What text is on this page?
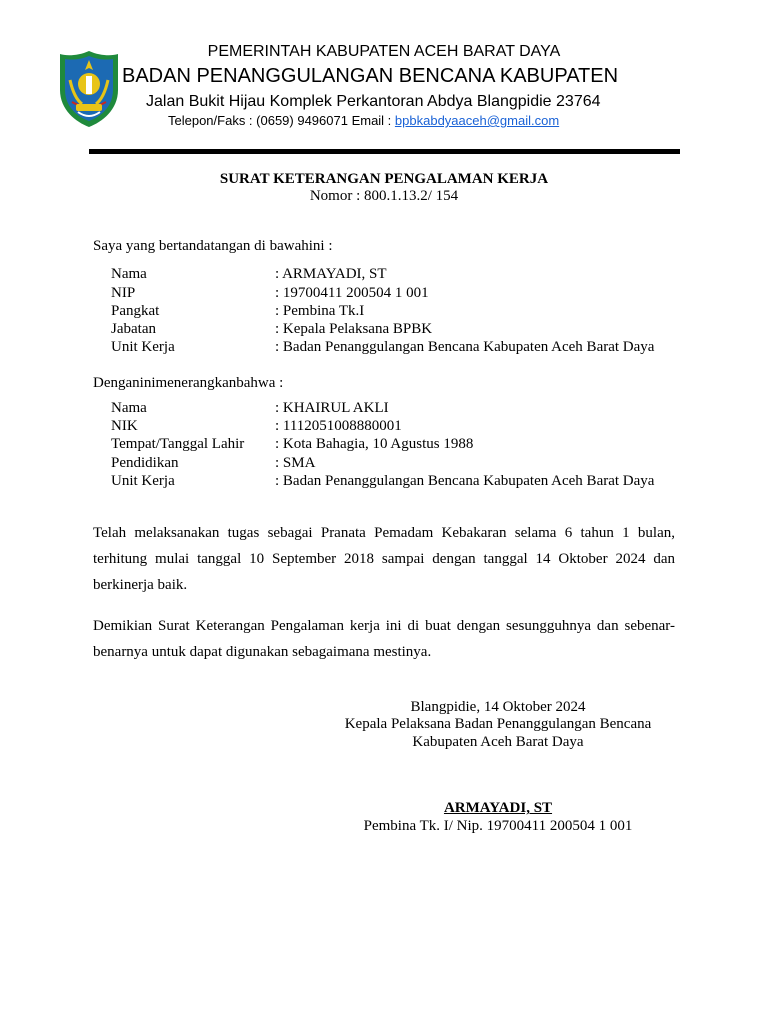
PEMERINTAH KABUPATEN ACEH BARAT DAYA
BADAN PENANGGULANGAN BENCANA KABUPATEN
Jalan Bukit Hijau Komplek Perkantoran Abdya Blangpidie 23764
Telepon/Faks : (0659) 9496071 Email : bpbkabdyaaceh@gmail.com
SURAT KETERANGAN PENGALAMAN KERJA
Nomor : 800.1.13.2/ 154
Saya yang bertandatangan di bawahini :
Nama	: ARMAYADI, ST
NIP	: 19700411 200504 1 001
Pangkat	: Pembina Tk.I
Jabatan	: Kepala Pelaksana BPBK
Unit Kerja	: Badan Penanggulangan Bencana Kabupaten Aceh Barat Daya
Denganinimenerangkanbahwa :
Nama	: KHAIRUL AKLI
NIK	: 1112051008880001
Tempat/Tanggal Lahir : Kota Bahagia, 10 Agustus 1988
Pendidikan	: SMA
Unit Kerja	: Badan Penanggulangan Bencana Kabupaten Aceh Barat Daya
Telah melaksanakan tugas sebagai Pranata Pemadam Kebakaran selama 6 tahun 1 bulan, terhitung mulai tanggal 10 September 2018 sampai dengan tanggal 14 Oktober 2024 dan berkinerja baik.
Demikian Surat Keterangan Pengalaman kerja ini di buat dengan sesungguhnya dan sebenar-benarnya untuk dapat digunakan sebagaimana mestinya.
Blangpidie, 14 Oktober 2024
Kepala Pelaksana Badan Penanggulangan Bencana
Kabupaten Aceh Barat Daya
ARMAYADI, ST
Pembina Tk. I/ Nip. 19700411 200504 1 001
